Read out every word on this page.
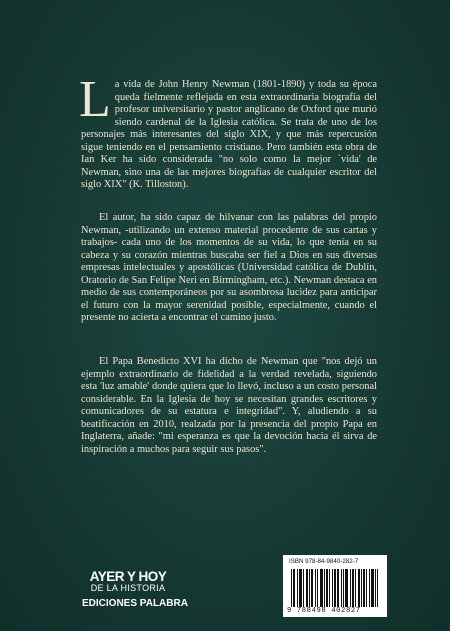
La vida de John Henry Newman (1801-1890) y toda su época queda fielmente reflejada en esta extraordinaria biografía del profesor universitario y pastor anglicano de Oxford que murió siendo cardenal de la Iglesia católica. Se trata de uno de los personajes más interesantes del siglo XIX, y que más repercusión sigue teniendo en el pensamiento cristiano. Pero también esta obra de Ian Ker ha sido considerada "no solo como la mejor `vida' de Newman, sino una de las mejores biografías de cualquier escritor del siglo XIX" (K. Tilloston).
El autor, ha sido capaz de hilvanar con las palabras del propio Newman, -utilizando un extenso material procedente de sus cartas y trabajos- cada uno de los momentos de su vida, lo que tenía en su cabeza y su corazón mientras buscaba ser fiel a Dios en sus diversas empresas intelectuales y apostólicas (Universidad católica de Dublín, Oratorio de San Felipe Neri en Birmingham, etc.). Newman destaca en medio de sus contemporáneos por su asombrosa lucidez para anticipar el futuro con la mayor serenidad posible, especialmente, cuando el presente no acierta a encontrar el camino justo.
El Papa Benedicto XVI ha dicho de Newman que "nos dejó un ejemplo extraordinario de fidelidad a la verdad revelada, siguiendo esta 'luz amable' donde quiera que lo llevó, incluso a un costo personal considerable. En la Iglesia de hoy se necesitan grandes escritores y comunicadores de su estatura e integridad". Y, aludiendo a su beatificación en 2010, realzada por la presencia del propio Papa en Inglaterra, añade: "mi esperanza es que la devoción hacia él sirva de inspiración a muchos para seguir sus pasos".
AYER Y HOY
DE LA HISTORIA
EDICIONES PALABRA
ISBN 978-84-9840-282-7
9 788498 402827
